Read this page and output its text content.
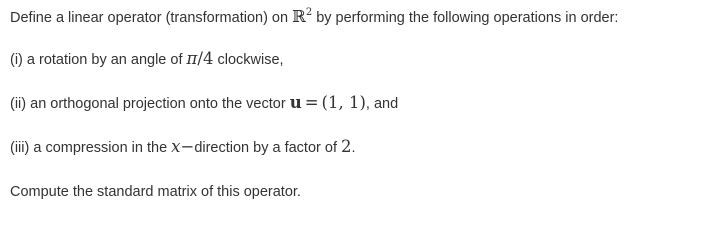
Define a linear operator (transformation) on ℝ$^2$ by performing the following operations in order:
(i) a rotation by an angle of π/4 clockwise,
(ii) an orthogonal projection onto the vector u = (1, 1), and
(iii) a compression in the x−direction by a factor of 2.
Compute the standard matrix of this operator.
